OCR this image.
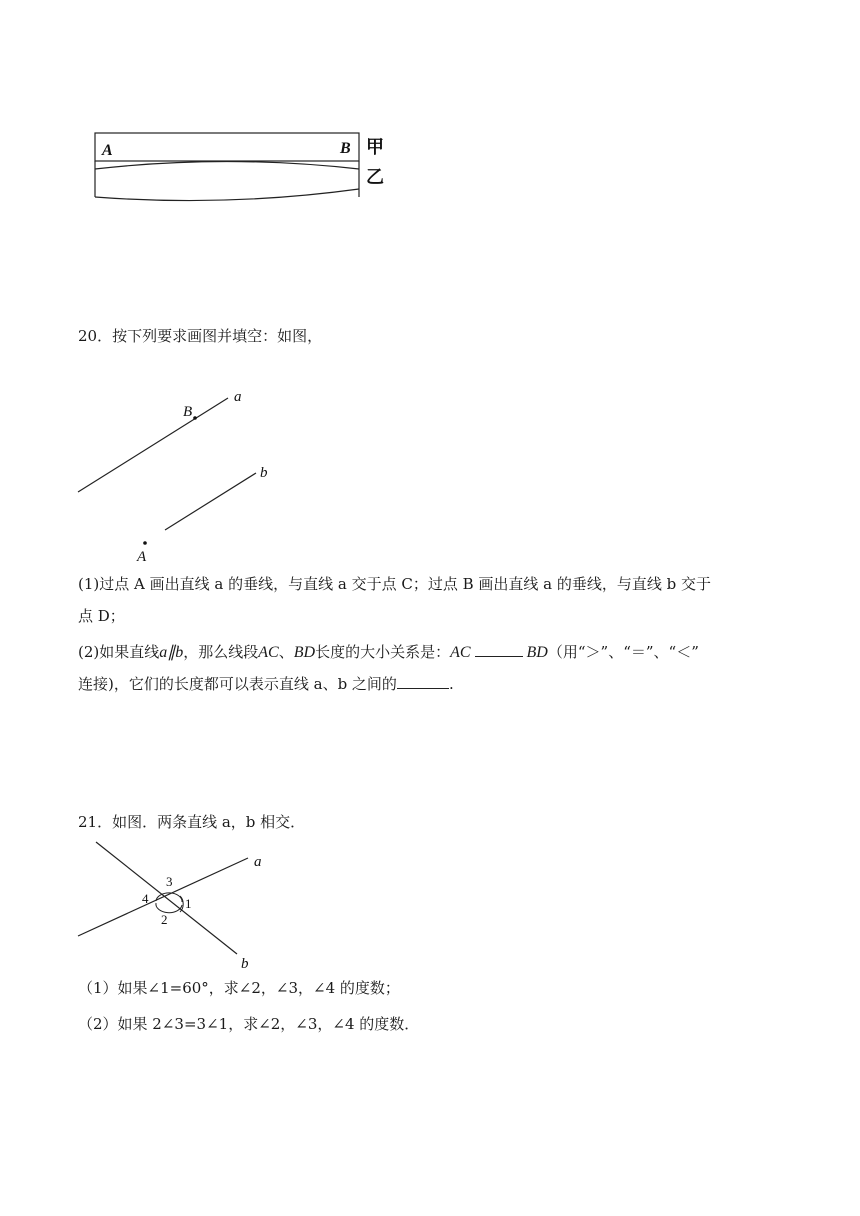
A	B 甲
乙
20．按下列要求画图并填空：如图，
a
b
B
A
(1)过点 A 画出直线 a 的垂线，与直线 a 交于点 C；过点 B 画出直线 a 的垂线，与直线 b 交于
点 D；
(2)如果直线a∥b，那么线段AC、BD长度的大小关系是：AC	BD（用“＞”、“＝”、“＜”
连接)，它们的长度都可以表示直线 a、b 之间的	.
21．如图．两条直线 a，b 相交．
a
b
1
2
3
4
（1）如果∠1=60°，求∠2，∠3，∠4 的度数；
（2）如果 2∠3=3∠1，求∠2，∠3，∠4 的度数．
